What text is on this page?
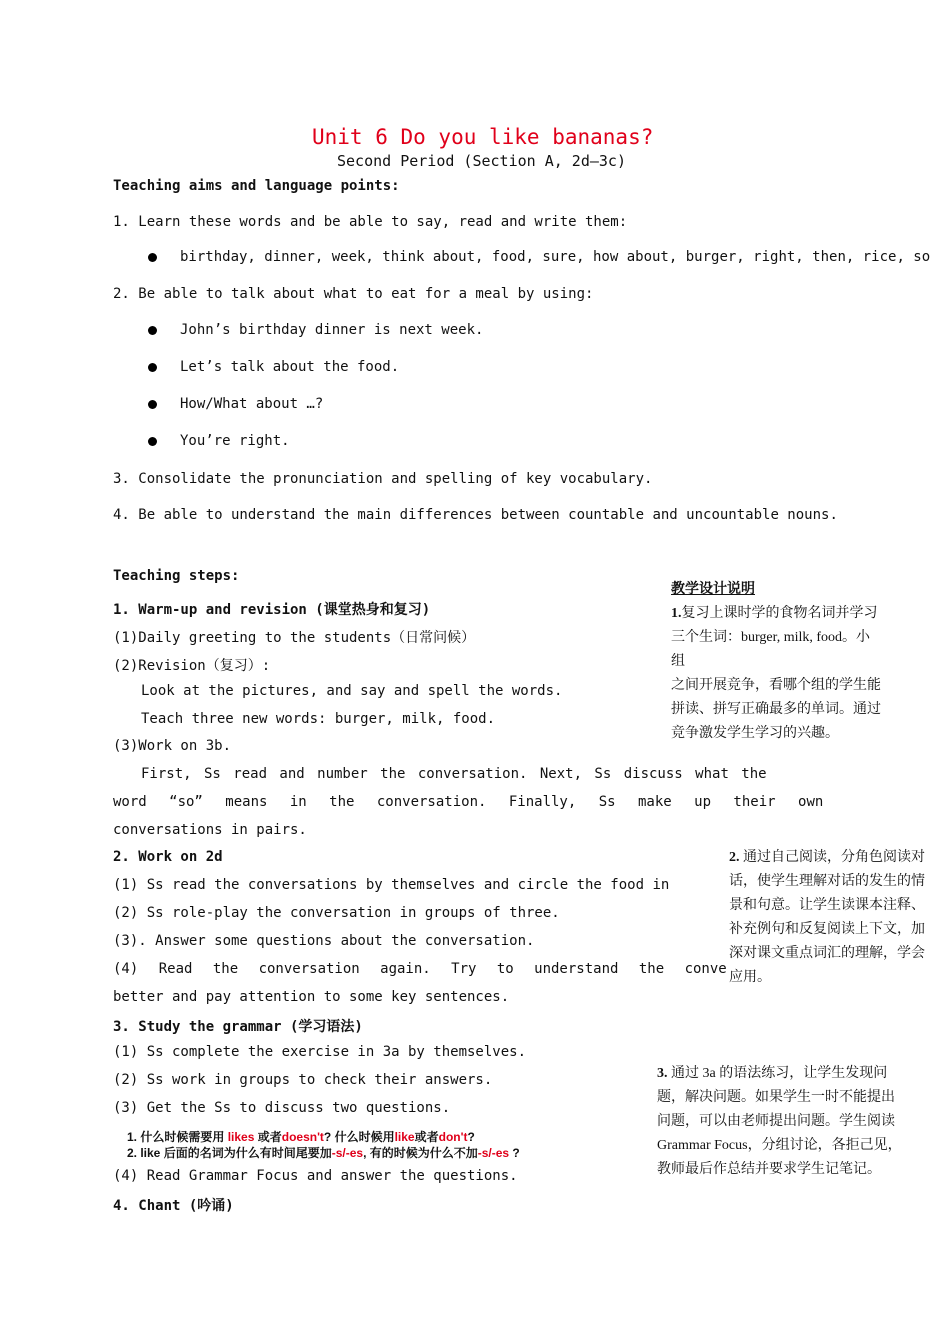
Unit 6 Do you like bananas?
Second Period (Section A, 2d‒3c)
Teaching aims and language points:
1. Learn these words and be able to say, read and write them:
birthday, dinner, week, think about, food, sure, how about, burger, right, then, rice, so
2. Be able to talk about what to eat for a meal by using:
John’s birthday dinner is next week.
Let’s talk about the food.
How/What about …?
You’re right.
3. Consolidate the pronunciation and spelling of key vocabulary.
4. Be able to understand the main differences between countable and uncountable nouns.
Teaching steps:
1. Warm-up and revision (课堂热身和复习)
(1)Daily greeting to the students（日常问候）
(2)Revision（复习）:
Look at the pictures, and say and spell the words.
Teach three new words: burger, milk, food.
(3)Work on 3b.
First, Ss read and number the conversation. Next, Ss discuss what the
word “so” means in the conversation. Finally, Ss make up their own
conversations in pairs.
2. Work on 2d
(1) Ss read the conversations by themselves and circle the food in
(2) Ss role-play the conversation in groups of three.
(3). Answer some questions about the conversation.
(4) Read the conversation again. Try to understand the conve
better and pay attention to some key sentences.
3. Study the grammar (学习语法)
(1) Ss complete the exercise in 3a by themselves.
(2) Ss work in groups to check their answers.
(3) Get the Ss to discuss two questions.
1. 什么时候需要用 likes 或者doesn't? 什么时候用like或者don't?
2. like 后面的名词为什么有时间尾要加-s/-es, 有的时候为什么不加-s/-es ?
(4) Read Grammar Focus and answer the questions.
4. Chant (吟诵)
教学设计说明
1.复习上课时学的食物名词并学习
三个生词：burger, milk, food。小组
之间开展竞争，看哪个组的学生能
拼读、拼写正确最多的单词。通过
竞争激发学生学习的兴趣。
2. 通过自己阅读，分角色阅读对
话，使学生理解对话的发生的情
景和句意。让学生读课本注释、
补充例句和反复阅读上下文，加
深对课文重点词汇的理解，学会
应用。
3. 通过 3a 的语法练习，让学生发现问
题，解决问题。如果学生一时不能提出
问题，可以由老师提出问题。学生阅读
Grammar Focus，分组讨论，各拒己见，
教师最后作总结并要求学生记笔记。
